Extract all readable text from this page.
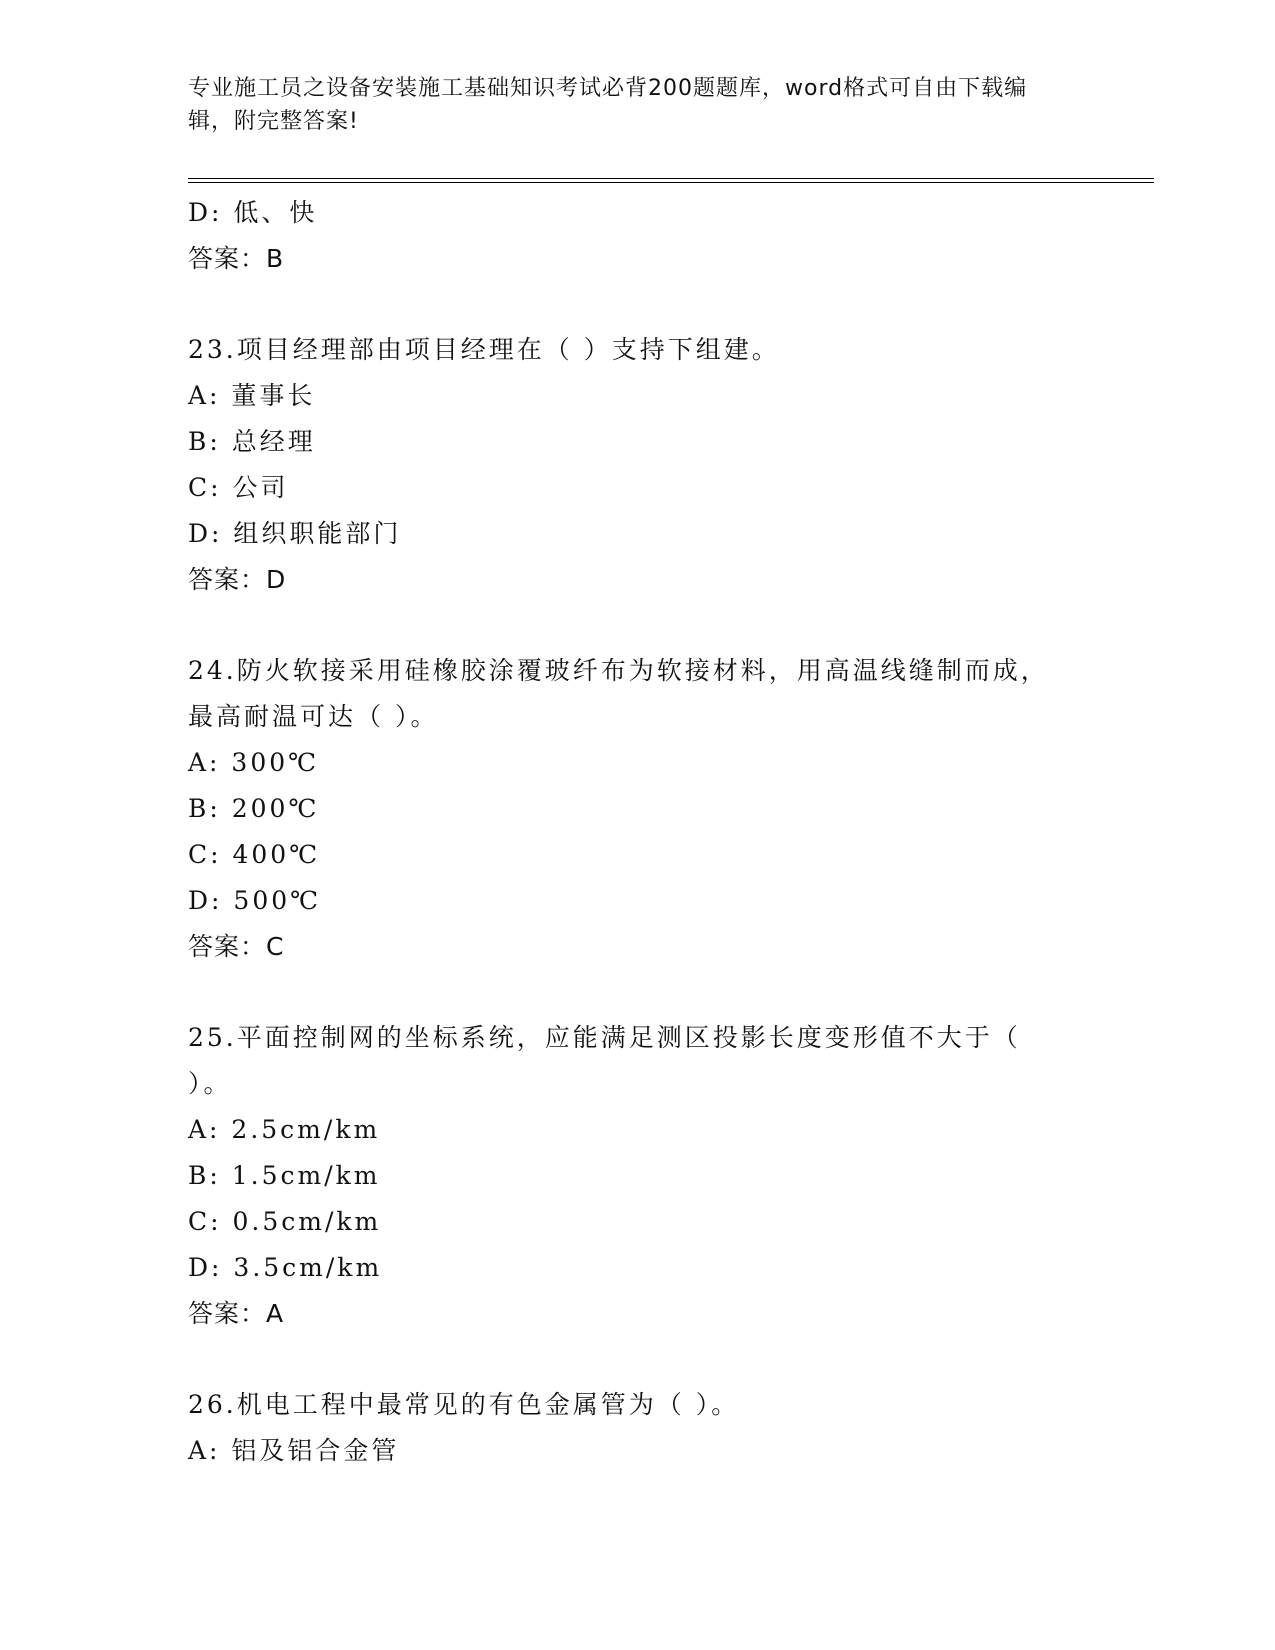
专业施工员之设备安装施工基础知识考试必背200题题库，word格式可自由下载编辑，附完整答案!
D: 低、快
答案：B
23.项目经理部由项目经理在（ ）支持下组建。
A: 董事长
B: 总经理
C: 公司
D: 组织职能部门
答案：D
24.防火软接采用硅橡胶涂覆玻纤布为软接材料，用高温线缝制而成，
最高耐温可达（ ）。
A: 300℃
B: 200℃
C: 400℃
D: 500℃
答案：C
25.平面控制网的坐标系统，应能满足测区投影长度变形值不大于（
）。
A: 2.5cm/km
B: 1.5cm/km
C: 0.5cm/km
D: 3.5cm/km
答案：A
26.机电工程中最常见的有色金属管为（ ）。
A: 铝及铝合金管
